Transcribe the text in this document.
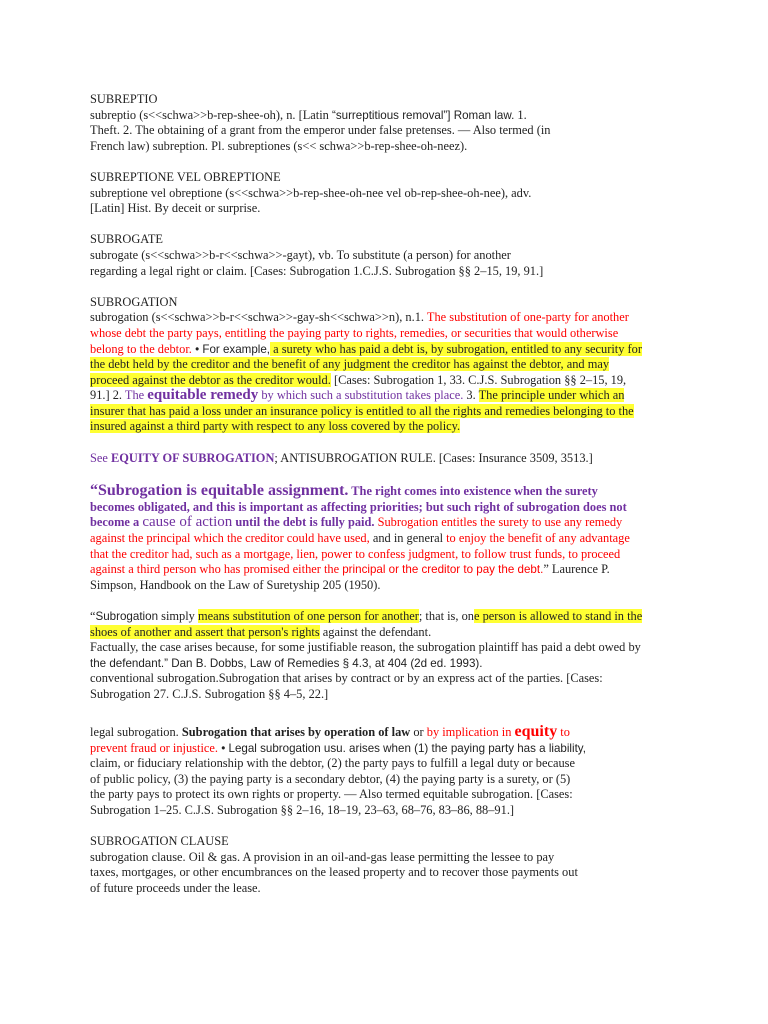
SUBREPTIO
subreptio (s<<schwa>>b-rep-shee-oh), n. [Latin “surreptitious removal”] Roman law. 1.
Theft. 2. The obtaining of a grant from the emperor under false pretenses. — Also termed (in
French law) subreption. Pl. subreptiones (s<< schwa>>b-rep-shee-oh-neez).
SUBREPTIONE VEL OBREPTIONE
subreptione vel obreptione (s<<schwa>>b-rep-shee-oh-nee vel ob-rep-shee-oh-nee), adv.
[Latin] Hist. By deceit or surprise.
SUBROGATE
subrogate (s<<schwa>>b-r<<schwa>>-gayt), vb. To substitute (a person) for another
regarding a legal right or claim. [Cases: Subrogation 1.C.J.S. Subrogation §§ 2–15, 19, 91.]
SUBROGATION
subrogation (s<<schwa>>b-r<<schwa>>-gay-sh<<schwa>>n), n.1. The substitution of one-party for another
whose debt the party pays, entitling the paying party to rights, remedies, or securities that would otherwise
belong to the debtor. • For example, a surety who has paid a debt is, by subrogation, entitled to any security for
the debt held by the creditor and the benefit of any judgment the creditor has against the debtor, and may
proceed against the debtor as the creditor would. [Cases: Subrogation 1, 33. C.J.S. Subrogation §§ 2–15, 19,
91.] 2. The equitable remedy by which such a substitution takes place. 3. The principle under which an
insurer that has paid a loss under an insurance policy is entitled to all the rights and remedies belonging to the
insured against a third party with respect to any loss covered by the policy.
See EQUITY OF SUBROGATION; ANTISUBROGATION RULE. [Cases: Insurance 3509, 3513.]
“Subrogation is equitable assignment. The right comes into existence when the surety
becomes obligated, and this is important as affecting priorities; but such right of subrogation does not
become a cause of action until the debt is fully paid. Subrogation entitles the surety to use any remedy
against the principal which the creditor could have used, and in general to enjoy the benefit of any advantage
that the creditor had, such as a mortgage, lien, power to confess judgment, to follow trust funds, to proceed
against a third person who has promised either the principal or the creditor to pay the debt.” Laurence P.
Simpson, Handbook on the Law of Suretyship 205 (1950).
“Subrogation simply means substitution of one person for another; that is, one person is allowed to stand in the
shoes of another and assert that person's rights against the defendant.
Factually, the case arises because, for some justifiable reason, the subrogation plaintiff has paid a debt owed by
the defendant.” Dan B. Dobbs, Law of Remedies § 4.3, at 404 (2d ed. 1993).
conventional subrogation.Subrogation that arises by contract or by an express act of the parties. [Cases:
Subrogation 27. C.J.S. Subrogation §§ 4–5, 22.]
legal subrogation. Subrogation that arises by operation of law or by implication in equity to
prevent fraud or injustice. • Legal subrogation usu. arises when (1) the paying party has a liability,
claim, or fiduciary relationship with the debtor, (2) the party pays to fulfill a legal duty or because
of public policy, (3) the paying party is a secondary debtor, (4) the paying party is a surety, or (5)
the party pays to protect its own rights or property. — Also termed equitable subrogation. [Cases:
Subrogation 1–25. C.J.S. Subrogation §§ 2–16, 18–19, 23–63, 68–76, 83–86, 88–91.]
SUBROGATION CLAUSE
subrogation clause. Oil & gas. A provision in an oil-and-gas lease permitting the lessee to pay
taxes, mortgages, or other encumbrances on the leased property and to recover those payments out
of future proceeds under the lease.
